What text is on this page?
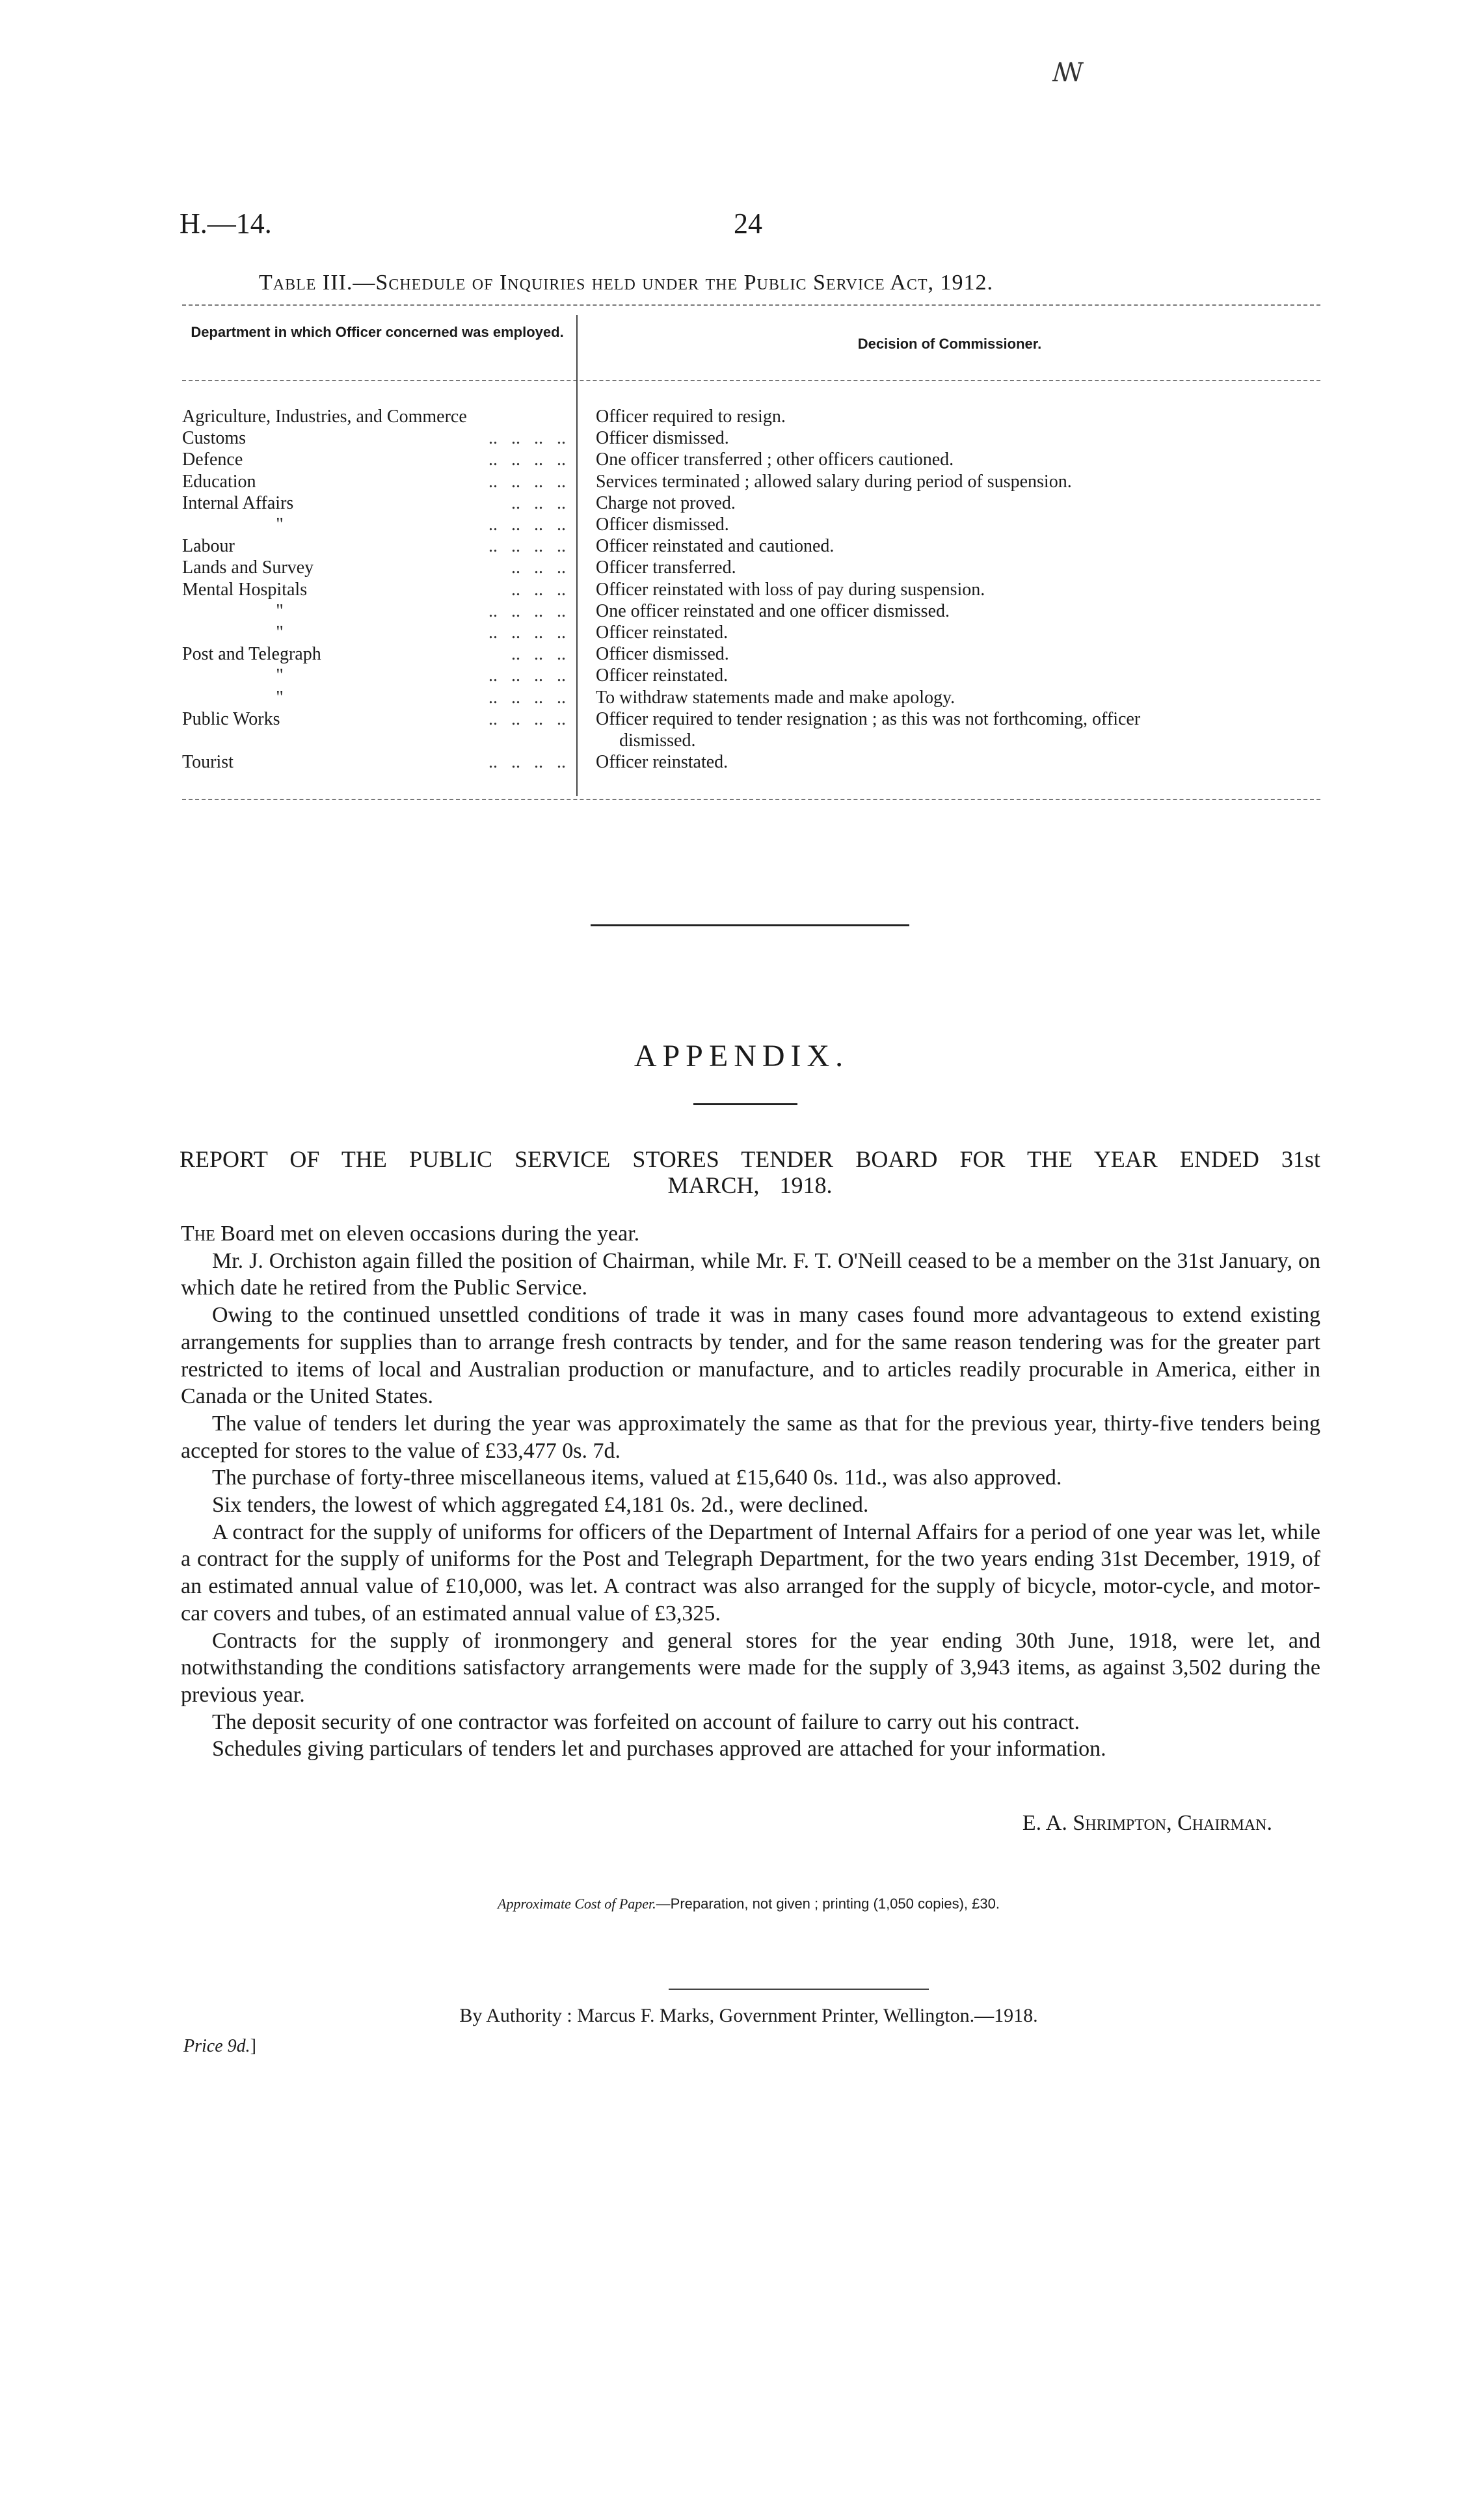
ꟿ
H.—14.	24
Table III.—Schedule of Inquiries held under the Public Service Act, 1912.
Department in which Officer concerned was employed.
Decision of Commissioner.
Agriculture, Industries, and Commerce	Officer required to resign.
Customs	..   ..   ..   .. Officer dismissed.
Defence	..   ..   ..   .. One officer transferred ; other officers cautioned.
Education	..   ..   ..   .. Services terminated ; allowed salary during period of suspension.
Internal Affairs	..   ..   .. Charge not proved.
"	..   ..   ..   .. Officer dismissed.
Labour	..   ..   ..   .. Officer reinstated and cautioned.
Lands and Survey	..   ..   .. Officer transferred.
Mental Hospitals	..   ..   .. Officer reinstated with loss of pay during suspension.
"	..   ..   ..   .. One officer reinstated and one officer dismissed.
"	..   ..   ..   .. Officer reinstated.
Post and Telegraph	..   ..   .. Officer dismissed.
"	..   ..   ..   .. Officer reinstated.
"	..   ..   ..   .. To withdraw statements made and make apology.
Public Works	..   ..   ..   .. Officer required to tender resignation ; as this was not forthcoming, officer
dismissed.
Tourist	..   ..   ..   .. Officer reinstated.
APPENDIX.
REPORT OF THE PUBLIC SERVICE STORES TENDER BOARD FOR THE YEAR ENDED 31st MARCH, 1918.

The Board met on eleven occasions during the year.

Mr. J. Orchiston again filled the position of Chairman, while Mr. F. T. O'Neill ceased to be a member on the 31st January, on which date he retired from the Public Service.

Owing to the continued unsettled conditions of trade it was in many cases found more advantageous to extend existing arrangements for supplies than to arrange fresh contracts by tender, and for the same reason tendering was for the greater part restricted to items of local and Australian production or manufacture, and to articles readily procurable in America, either in Canada or the United States.

The value of tenders let during the year was approximately the same as that for the previous year, thirty-five tenders being accepted for stores to the value of £33,477 0s. 7d.

The purchase of forty-three miscellaneous items, valued at £15,640 0s. 11d., was also approved.

Six tenders, the lowest of which aggregated £4,181 0s. 2d., were declined.

A contract for the supply of uniforms for officers of the Department of Internal Affairs for a period of one year was let, while a contract for the supply of uniforms for the Post and Telegraph Department, for the two years ending 31st December, 1919, of an estimated annual value of £10,000, was let. A contract was also arranged for the supply of bicycle, motor-cycle, and motor-car covers and tubes, of an estimated annual value of £3,325.

Contracts for the supply of ironmongery and general stores for the year ending 30th June, 1918, were let, and notwithstanding the conditions satisfactory arrangements were made for the supply of 3,943 items, as against 3,502 during the previous year.

The deposit security of one contractor was forfeited on account of failure to carry out his contract.

Schedules giving particulars of tenders let and purchases approved are attached for your information.

E. A. Shrimpton, Chairman.
Approximate Cost of Paper.—Preparation, not given ; printing (1,050 copies), £30.
By Authority : Marcus F. Marks, Government Printer, Wellington.—1918.
Price 9d.]
